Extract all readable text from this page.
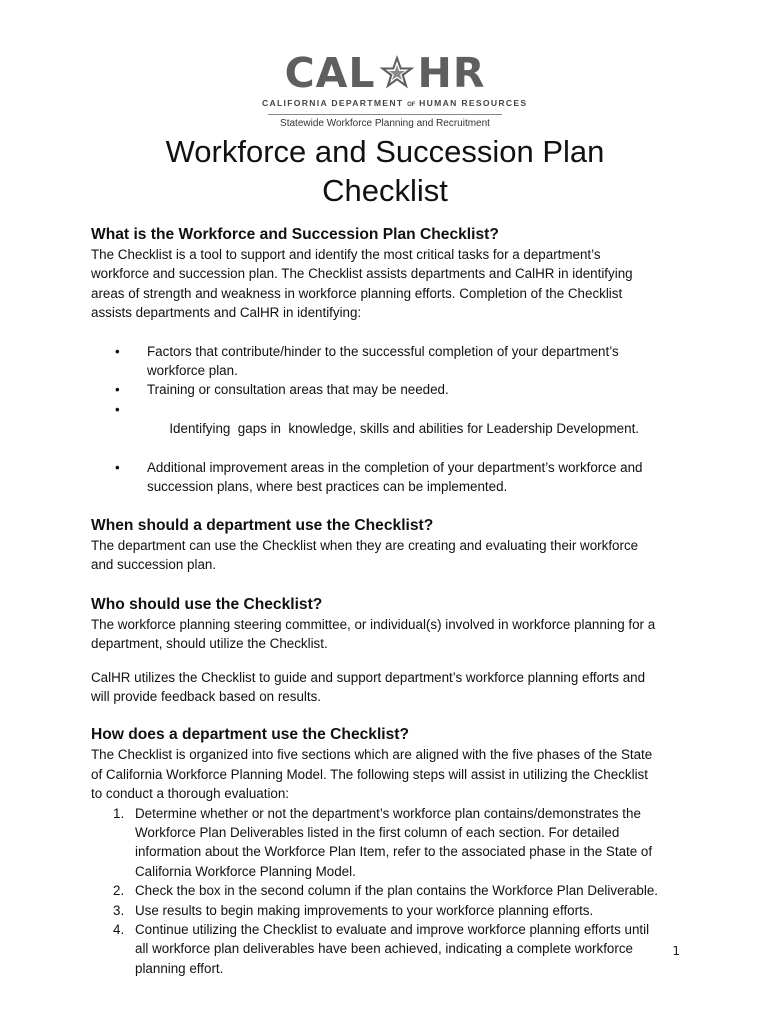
CAL HR
CALIFORNIA DEPARTMENT OF HUMAN RESOURCES
Statewide Workforce Planning and Recruitment
Workforce and Succession Plan
Checklist
What is the Workforce and Succession Plan Checklist?

The Checklist is a tool to support and identify the most critical tasks for a department’s
workforce and succession plan. The Checklist assists departments and CalHR in identifying
areas of strength and weakness in workforce planning efforts. Completion of the Checklist
assists departments and CalHR in identifying:

• Factors that contribute/hinder to the successful completion of your department’s
workforce plan.
• Training or consultation areas that may be needed.

• Identifying  gaps in  knowledge, skills and abilities for Leadership Development.

• Additional improvement areas in the completion of your department’s workforce and
succession plans, where best practices can be implemented.
When should a department use the Checklist?

The department can use the Checklist when they are creating and evaluating their workforce
and succession plan.

Who should use the Checklist?

The workforce planning steering committee, or individual(s) involved in workforce planning for a
department, should utilize the Checklist.

CalHR utilizes the Checklist to guide and support department’s workforce planning efforts and
will provide feedback based on results.

How does a department use the Checklist?

The Checklist is organized into five sections which are aligned with the five phases of the State
of California Workforce Planning Model. The following steps will assist in utilizing the Checklist
to conduct a thorough evaluation:

1. Determine whether or not the department’s workforce plan contains/demonstrates the
Workforce Plan Deliverables listed in the first column of each section. For detailed
information about the Workforce Plan Item, refer to the associated phase in the State of
California Workforce Planning Model.
2. Check the box in the second column if the plan contains the Workforce Plan Deliverable.
3. Use results to begin making improvements to your workforce planning efforts.
4. Continue utilizing the Checklist to evaluate and improve workforce planning efforts until
all workforce plan deliverables have been achieved, indicating a complete workforce
planning effort.
1
